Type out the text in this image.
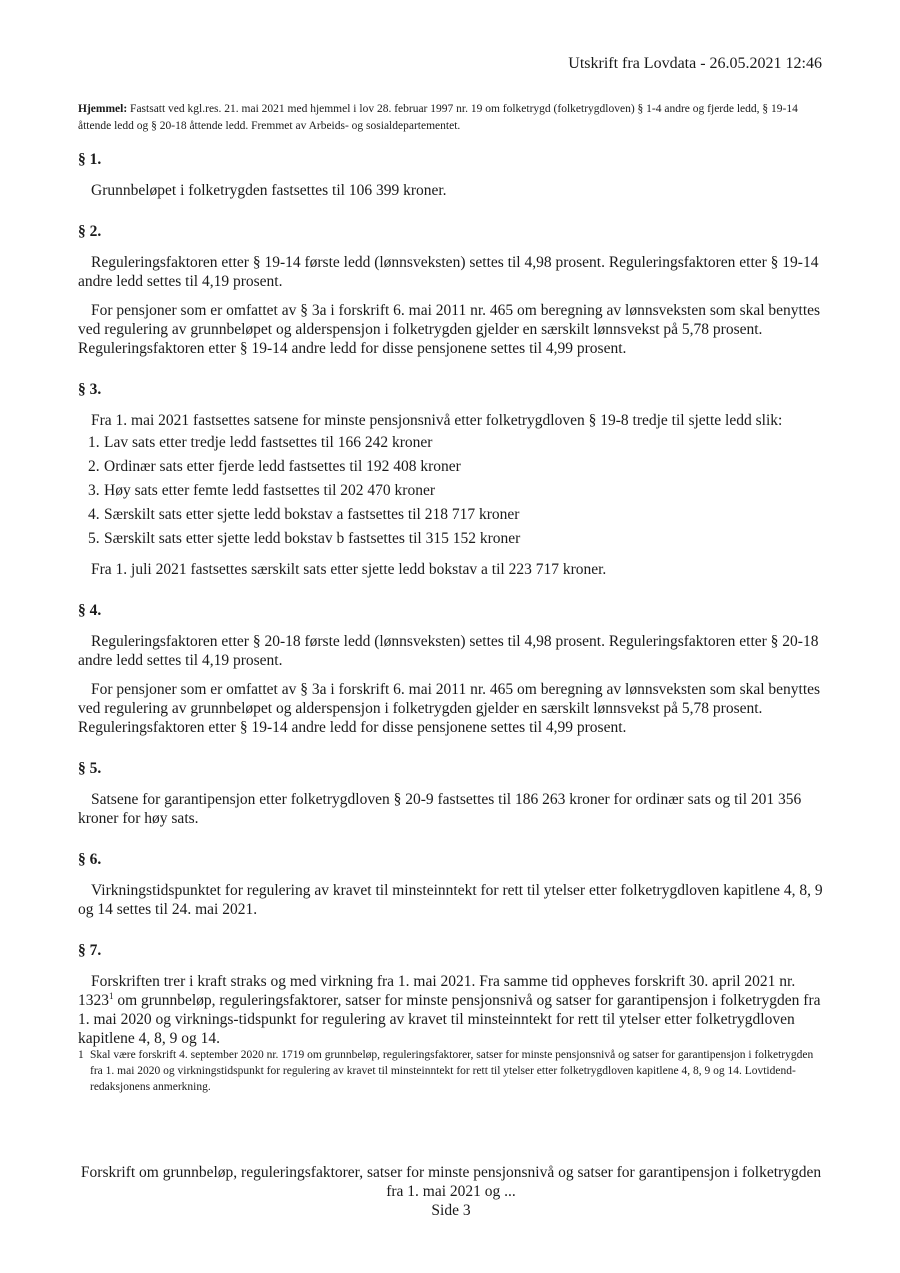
Utskrift fra Lovdata - 26.05.2021 12:46
Hjemmel: Fastsatt ved kgl.res. 21. mai 2021 med hjemmel i lov 28. februar 1997 nr. 19 om folketrygd (folketrygdloven) § 1-4 andre og fjerde ledd, § 19-14 åttende ledd og § 20-18 åttende ledd. Fremmet av Arbeids- og sosialdepartementet.
§ 1.
Grunnbeløpet i folketrygden fastsettes til 106 399 kroner.
§ 2.
Reguleringsfaktoren etter § 19-14 første ledd (lønnsveksten) settes til 4,98 prosent. Reguleringsfaktoren etter § 19-14 andre ledd settes til 4,19 prosent.
For pensjoner som er omfattet av § 3a i forskrift 6. mai 2011 nr. 465 om beregning av lønnsveksten som skal benyttes ved regulering av grunnbeløpet og alderspensjon i folketrygden gjelder en særskilt lønnsvekst på 5,78 prosent. Reguleringsfaktoren etter § 19-14 andre ledd for disse pensjonene settes til 4,99 prosent.
§ 3.
Fra 1. mai 2021 fastsettes satsene for minste pensjonsnivå etter folketrygdloven § 19-8 tredje til sjette ledd slik:
1. Lav sats etter tredje ledd fastsettes til 166 242 kroner
2. Ordinær sats etter fjerde ledd fastsettes til 192 408 kroner
3. Høy sats etter femte ledd fastsettes til 202 470 kroner
4. Særskilt sats etter sjette ledd bokstav a fastsettes til 218 717 kroner
5. Særskilt sats etter sjette ledd bokstav b fastsettes til 315 152 kroner
Fra 1. juli 2021 fastsettes særskilt sats etter sjette ledd bokstav a til 223 717 kroner.
§ 4.
Reguleringsfaktoren etter § 20-18 første ledd (lønnsveksten) settes til 4,98 prosent. Reguleringsfaktoren etter § 20-18 andre ledd settes til 4,19 prosent.
For pensjoner som er omfattet av § 3a i forskrift 6. mai 2011 nr. 465 om beregning av lønnsveksten som skal benyttes ved regulering av grunnbeløpet og alderspensjon i folketrygden gjelder en særskilt lønnsvekst på 5,78 prosent. Reguleringsfaktoren etter § 19-14 andre ledd for disse pensjonene settes til 4,99 prosent.
§ 5.
Satsene for garantipensjon etter folketrygdloven § 20-9 fastsettes til 186 263 kroner for ordinær sats og til 201 356 kroner for høy sats.
§ 6.
Virkningstidspunktet for regulering av kravet til minsteinntekt for rett til ytelser etter folketrygdloven kapitlene 4, 8, 9 og 14 settes til 24. mai 2021.
§ 7.
Forskriften trer i kraft straks og med virkning fra 1. mai 2021. Fra samme tid oppheves forskrift 30. april 2021 nr. 1323$^1$ om grunnbeløp, reguleringsfaktorer, satser for minste pensjonsnivå og satser for garantipensjon i folketrygden fra 1. mai 2020 og virknings-tidspunkt for regulering av kravet til minsteinntekt for rett til ytelser etter folketrygdloven kapitlene 4, 8, 9 og 14.
1 Skal være forskrift 4. september 2020 nr. 1719 om grunnbeløp, reguleringsfaktorer, satser for minste pensjonsnivå og satser for garantipensjon i folketrygden fra 1. mai 2020 og virkningstidspunkt for regulering av kravet til minsteinntekt for rett til ytelser etter folketrygdloven kapitlene 4, 8, 9 og 14. Lovtidend-redaksjonens anmerkning.
Forskrift om grunnbeløp, reguleringsfaktorer, satser for minste pensjonsnivå og satser for garantipensjon i folketrygden fra 1. mai 2021 og ...
Side 3
